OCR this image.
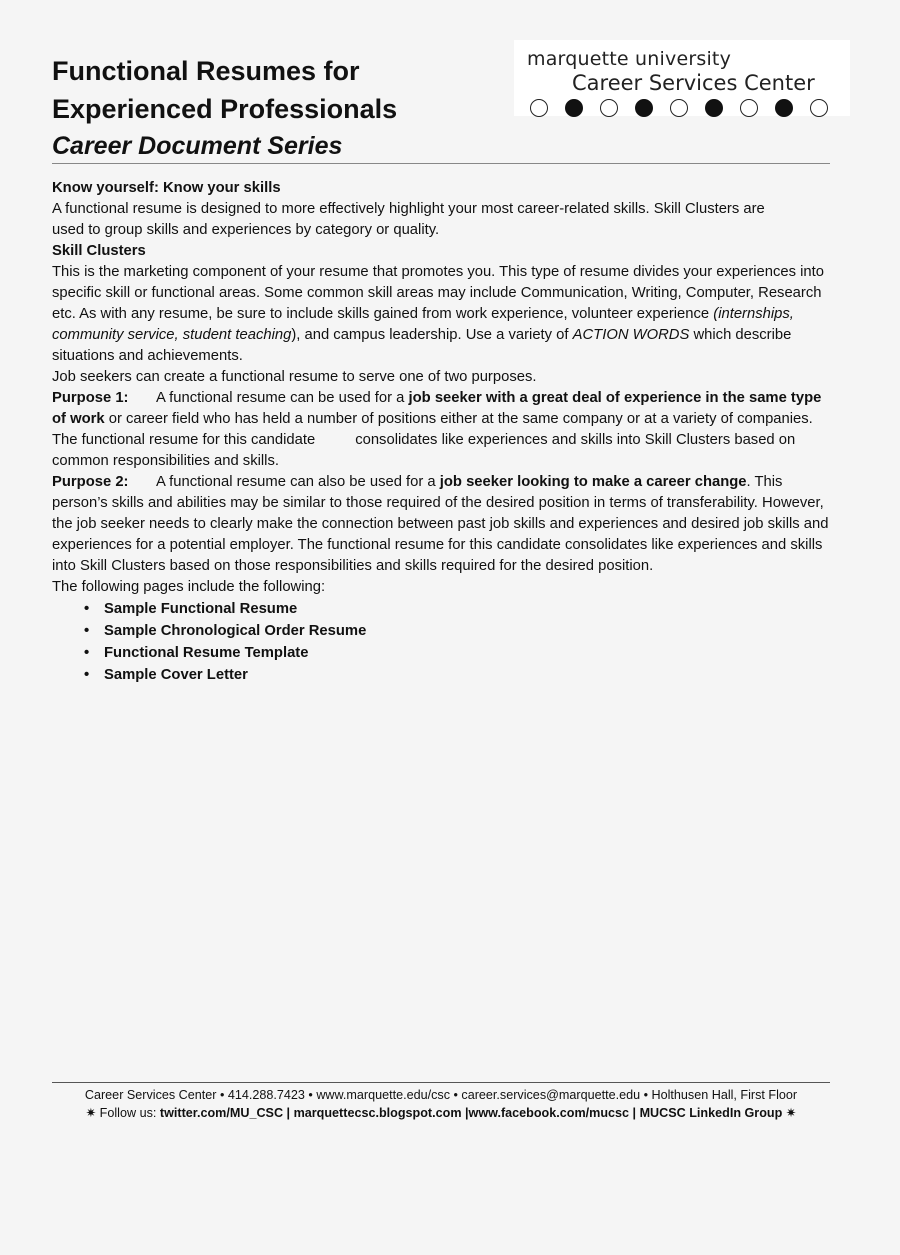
Functional Resumes for
Experienced Professionals
Career Document Series
marquette university
Career Services Center

Know yourself: Know your skills

A functional resume is designed to more effectively highlight your most career-related skills. Skill Clusters are
used to group skills and experiences by category or quality.

Skill Clusters

This is the marketing component of your resume that promotes you. This type of resume divides your experiences into specific skill or functional areas. Some common skill areas may include Communication, Writing, Computer, Research etc. As with any resume, be sure to include skills gained from work experience, volunteer experience (internships, community service, student teaching), and campus leadership. Use a variety of ACTION WORDS which describe situations and achievements.

Job seekers can create a functional resume to serve one of two purposes.

Purpose 1: A functional resume can be used for a job seeker with a great deal of experience in the same type of work or career field who has held a number of positions either at the same company or at a variety of companies. The functional resume for this candidate	consolidates like experiences and skills into Skill Clusters based on common responsibilities and skills.

Purpose 2: A functional resume can also be used for a job seeker looking to make a career change. This person’s skills and abilities may be similar to those required of the desired position in terms of transferability. However, the job seeker needs to clearly make the connection between past job skills and experiences and desired job skills and experiences for a potential employer. The functional resume for this candidate consolidates like experiences and skills into Skill Clusters based on those responsibilities and skills required for the desired position.

The following pages include the following:

• Sample Functional Resume
• Sample Chronological Order Resume
• Functional Resume Template
• Sample Cover Letter
Career Services Center • 414.288.7423 • www.marquette.edu/csc • career.services@marquette.edu • Holthusen Hall, First Floor
✷ Follow us: twitter.com/MU_CSC | marquettecsc.blogspot.com |www.facebook.com/mucsc | MUCSC LinkedIn Group ✷
